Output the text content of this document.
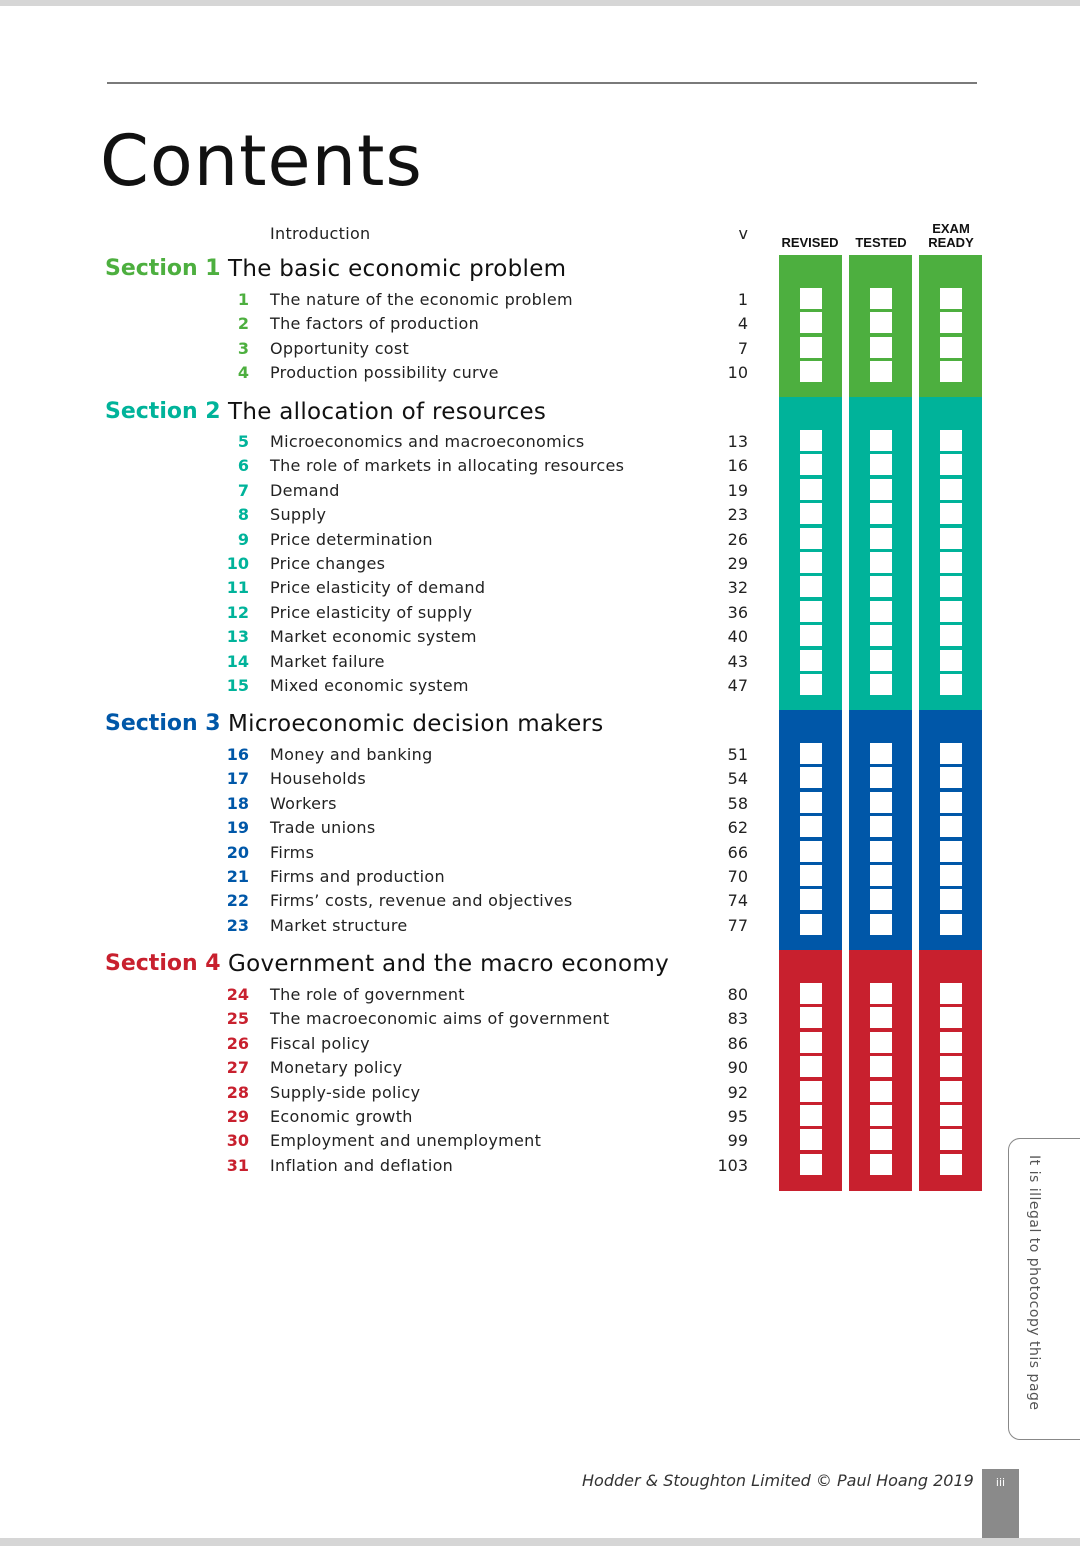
Contents
Introduction	v	REVISED	TESTED
EXAM
READY
Section 1 The basic economic problem
1 The nature of the economic problem	1
2 The factors of production	4
3 Opportunity cost	7
4 Production possibility curve	10
Section 2 The allocation of resources
5 Microeconomics and macroeconomics	13
6 The role of markets in allocating resources	16
7 Demand	19
8 Supply	23
9 Price determination	26
10 Price changes	29
11 Price elasticity of demand	32
12 Price elasticity of supply	36
13 Market economic system	40
14 Market failure	43
15 Mixed economic system	47
Section 3 Microeconomic decision makers
16 Money and banking	51
17 Households	54
18 Workers	58
19 Trade unions	62
20 Firms	66
21 Firms and production	70
22 Firms’ costs, revenue and objectives	74
23 Market structure	77
Section 4 Government and the macro economy
24 The role of government	80
25 The macroeconomic aims of government	83
26 Fiscal policy	86
27 Monetary policy	90
28 Supply-side policy	92
29 Economic growth	95
30 Employment and unemployment	99
31 Inflation and deflation	103	It is illegal to photocopy this page
Hodder & Stoughton Limited © Paul Hoang 2019	iii
